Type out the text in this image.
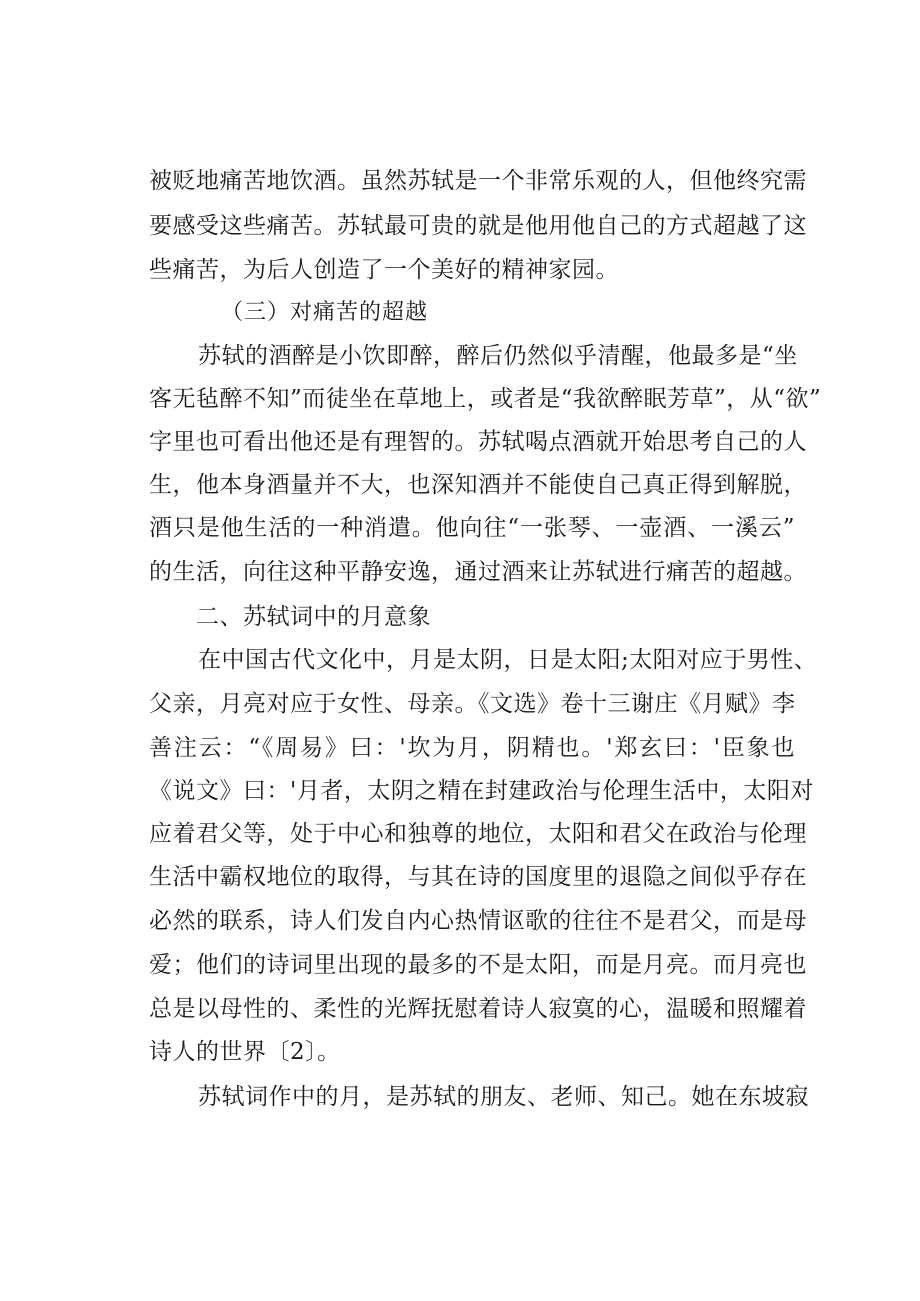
被贬地痛苦地饮酒。虽然苏轼是一个非常乐观的人，但他终究需
要感受这些痛苦。苏轼最可贵的就是他用他自己的方式超越了这
些痛苦，为后人创造了一个美好的精神家园。
（三）对痛苦的超越
苏轼的酒醉是小饮即醉，醉后仍然似乎清醒，他最多是“坐
客无毡醉不知”而徒坐在草地上，或者是“我欲醉眠芳草”，从“欲”
字里也可看出他还是有理智的。苏轼喝点酒就开始思考自己的人
生，他本身酒量并不大，也深知酒并不能使自己真正得到解脱，
酒只是他生活的一种消遣。他向往“一张琴、一壶酒、一溪云”
的生活，向往这种平静安逸，通过酒来让苏轼进行痛苦的超越。
二、苏轼词中的月意象
在中国古代文化中，月是太阴，日是太阳;太阳对应于男性、
父亲，月亮对应于女性、母亲。《文选》卷十三谢庄《月赋》李
善注云：“《周易》曰：'坎为月，阴精也。'郑玄曰：'臣象也
《说文》曰：'月者，太阴之精在封建政治与伦理生活中，太阳对
应着君父等，处于中心和独尊的地位，太阳和君父在政治与伦理
生活中霸权地位的取得，与其在诗的国度里的退隐之间似乎存在
必然的联系，诗人们发自内心热情讴歌的往往不是君父，而是母
爱；他们的诗词里出现的最多的不是太阳，而是月亮。而月亮也
总是以母性的、柔性的光辉抚慰着诗人寂寞的心，温暖和照耀着
诗人的世界〔2〕。
苏轼词作中的月，是苏轼的朋友、老师、知己。她在东坡寂
